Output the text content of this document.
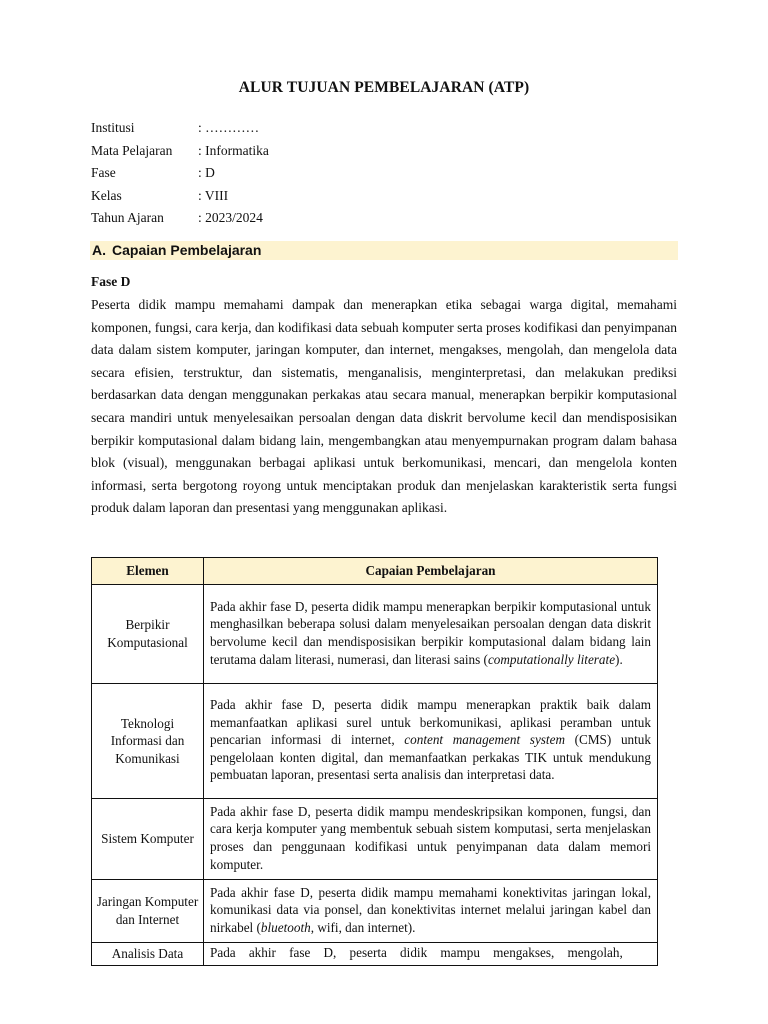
ALUR TUJUAN PEMBELAJARAN (ATP)
Institusi	: …………
Mata Pelajaran : Informatika
Fase	: D
Kelas	: VIII
Tahun Ajaran	: 2023/2024
A. Capaian Pembelajaran
Fase D
Peserta didik mampu memahami dampak dan menerapkan etika sebagai warga digital, memahami komponen, fungsi, cara kerja, dan kodifikasi data sebuah komputer serta proses kodifikasi dan penyimpanan data dalam sistem komputer, jaringan komputer, dan internet, mengakses, mengolah, dan mengelola data secara efisien, terstruktur, dan sistematis, menganalisis, menginterpretasi, dan melakukan prediksi berdasarkan data dengan menggunakan perkakas atau secara manual, menerapkan berpikir komputasional secara mandiri untuk menyelesaikan persoalan dengan data diskrit bervolume kecil dan mendisposisikan berpikir komputasional dalam bidang lain, mengembangkan atau menyempurnakan program dalam bahasa blok (visual), menggunakan berbagai aplikasi untuk berkomunikasi, mencari, dan mengelola konten informasi, serta bergotong royong untuk menciptakan produk dan menjelaskan karakteristik serta fungsi produk dalam laporan dan presentasi yang menggunakan aplikasi.
Elemen	Capaian Pembelajaran
Berpikir Komputasional	Pada akhir fase D, peserta didik mampu menerapkan berpikir komputasional untuk menghasilkan beberapa solusi dalam menyelesaikan persoalan dengan data diskrit bervolume kecil dan mendisposisikan berpikir komputasional dalam bidang lain terutama dalam literasi, numerasi, dan literasi sains (computationally literate).
Teknologi Informasi dan Komunikasi	Pada akhir fase D, peserta didik mampu menerapkan praktik baik dalam memanfaatkan aplikasi surel untuk berkomunikasi, aplikasi peramban untuk pencarian informasi di internet, content management system (CMS) untuk pengelolaan konten digital, dan memanfaatkan perkakas TIK untuk mendukung pembuatan laporan, presentasi serta analisis dan interpretasi data.
Sistem Komputer	Pada akhir fase D, peserta didik mampu mendeskripsikan komponen, fungsi, dan cara kerja komputer yang membentuk sebuah sistem komputasi, serta menjelaskan proses dan penggunaan kodifikasi untuk penyimpanan data dalam memori komputer.
Jaringan Komputer dan Internet	Pada akhir fase D, peserta didik mampu memahami konektivitas jaringan lokal, komunikasi data via ponsel, dan konektivitas internet melalui jaringan kabel dan nirkabel (bluetooth, wifi, dan internet).
Analisis Data	Pada    akhir    fase    D,    peserta    didik    mampu    mengakses,    mengolah,
